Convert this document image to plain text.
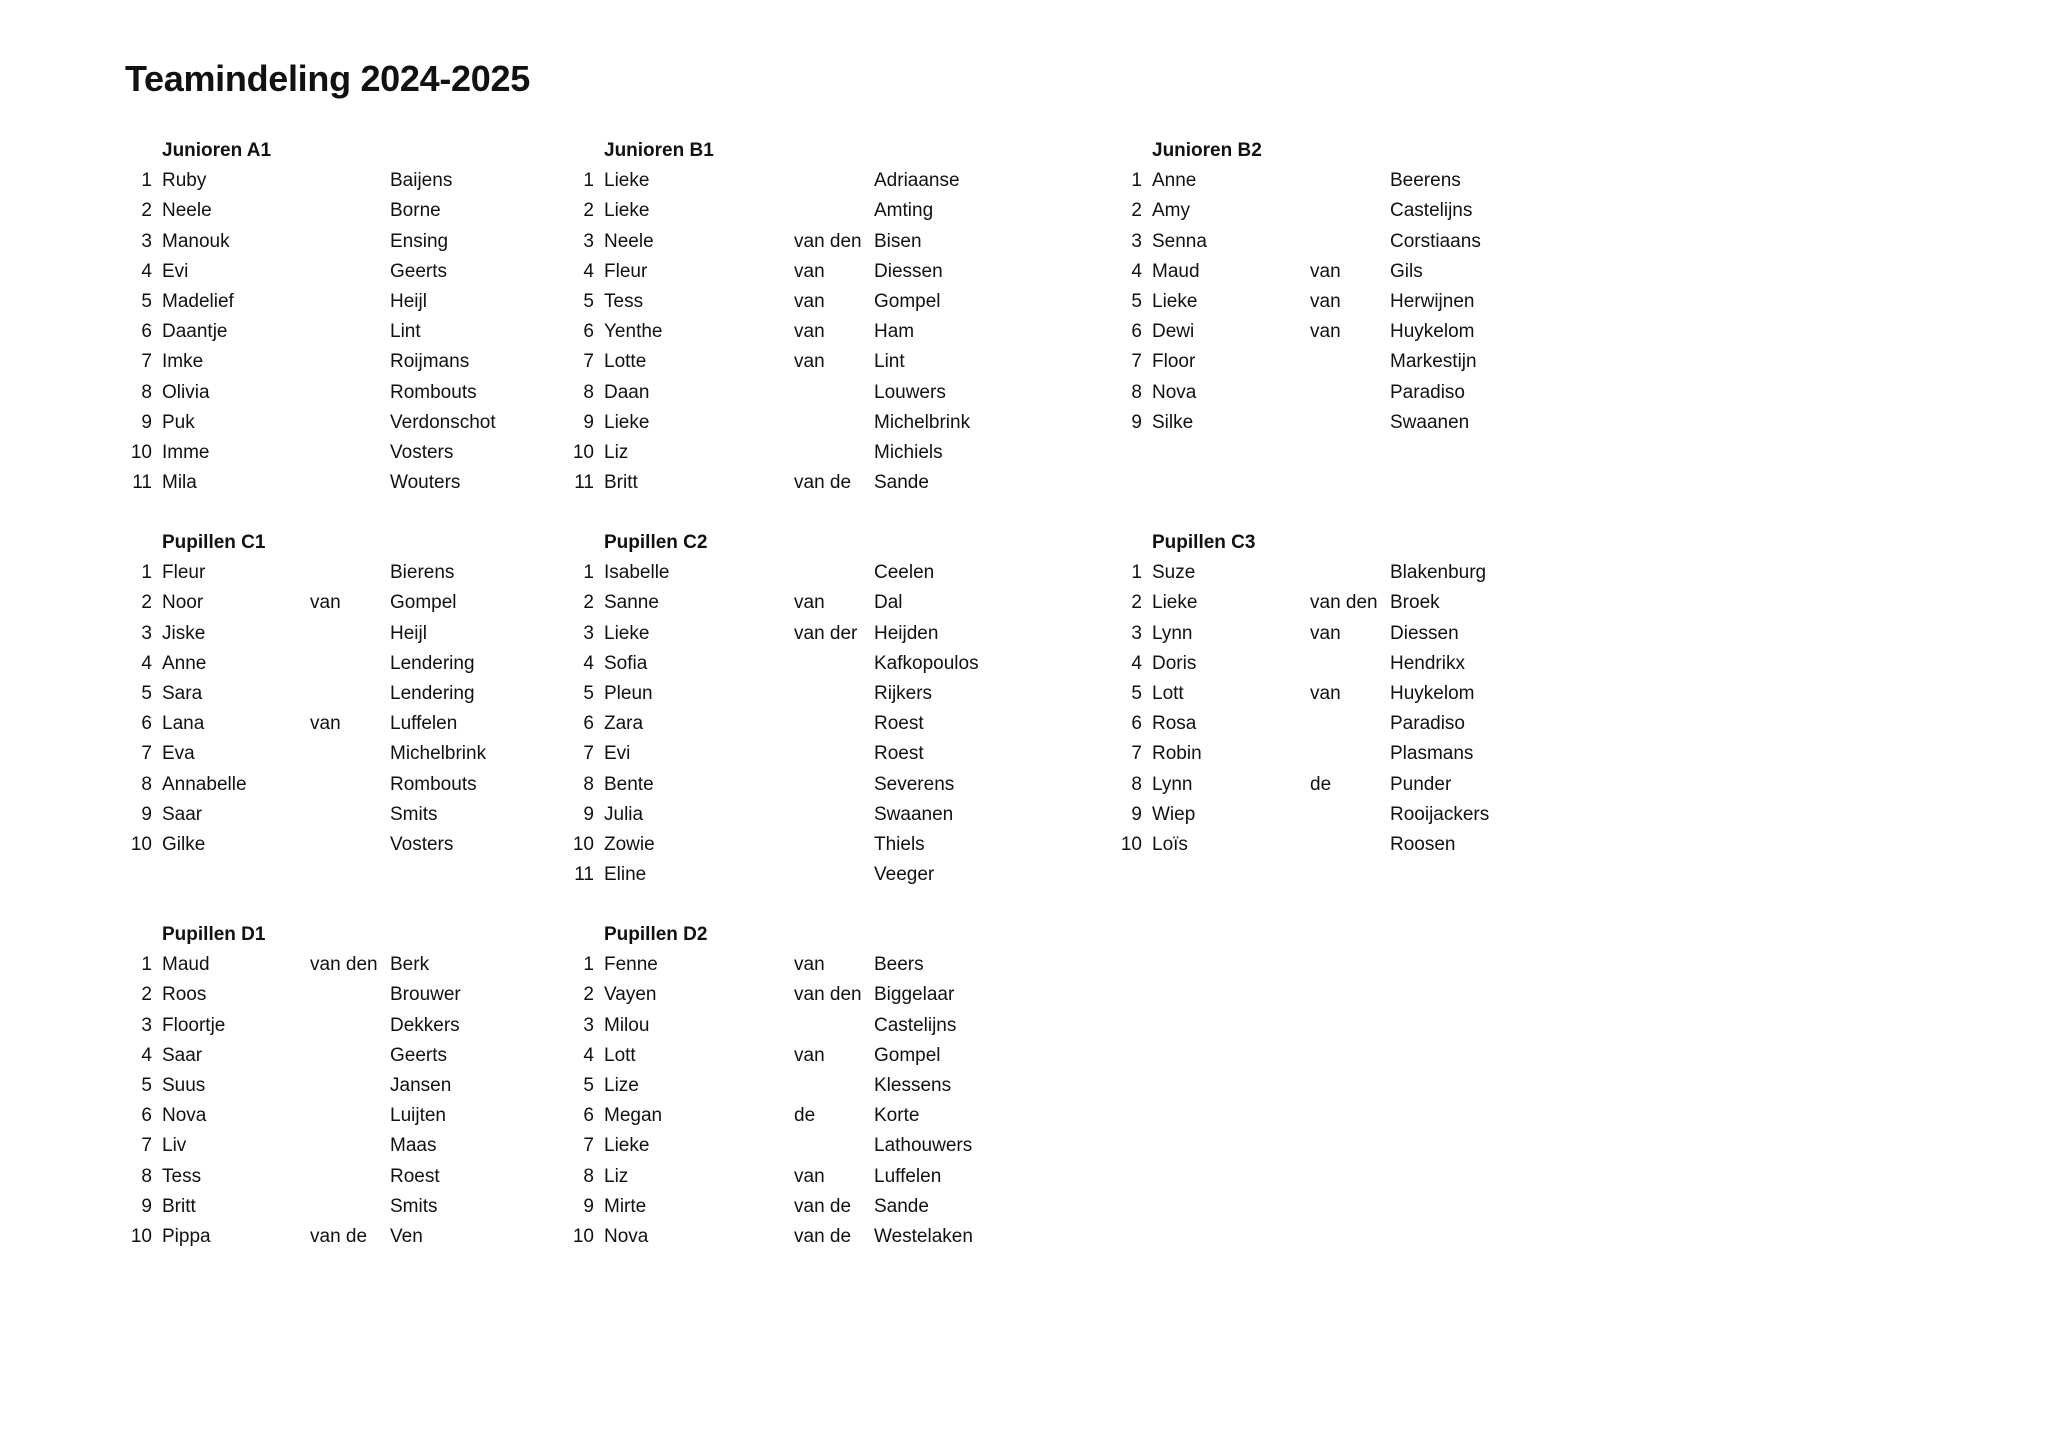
Teamindeling 2024-2025
Junioren A1
1 Ruby	Baijens
2 Neele	Borne
3 Manouk	Ensing
4 Evi	Geerts
5 Madelief	Heijl
6 Daantje	Lint
7 Imke	Roijmans
8 Olivia	Rombouts
9 Puk	Verdonschot
10 Imme	Vosters
11 Mila	Wouters
Junioren B1
1 Lieke	Adriaanse
2 Lieke	Amting
3 Neele	van den Bisen
4 Fleur	van	Diessen
5 Tess	van	Gompel
6 Yenthe	van	Ham
7 Lotte	van	Lint
8 Daan	Louwers
9 Lieke	Michelbrink
10 Liz	Michiels
11 Britt	van de Sande
Junioren B2
1 Anne	Beerens
2 Amy	Castelijns
3 Senna	Corstiaans
4 Maud	van	Gils
5 Lieke	van	Herwijnen
6 Dewi	van	Huykelom
7 Floor	Markestijn
8 Nova	Paradiso
9 Silke	Swaanen
Pupillen C1
1 Fleur	Bierens
2 Noor	van	Gompel
3 Jiske	Heijl
4 Anne	Lendering
5 Sara	Lendering
6 Lana	van	Luffelen
7 Eva	Michelbrink
8 Annabelle	Rombouts
9 Saar	Smits
10 Gilke	Vosters
Pupillen C2
1 Isabelle	Ceelen
2 Sanne	van	Dal
3 Lieke	van der Heijden
4 Sofia	Kafkopoulos
5 Pleun	Rijkers
6 Zara	Roest
7 Evi	Roest
8 Bente	Severens
9 Julia	Swaanen
10 Zowie	Thiels
11 Eline	Veeger
Pupillen C3
1 Suze	Blakenburg
2 Lieke	van den Broek
3 Lynn	van	Diessen
4 Doris	Hendrikx
5 Lott	van	Huykelom
6 Rosa	Paradiso
7 Robin	Plasmans
8 Lynn	de	Punder
9 Wiep	Rooijackers
10 Loïs	Roosen
Pupillen D1
1 Maud	van den Berk
2 Roos	Brouwer
3 Floortje	Dekkers
4 Saar	Geerts
5 Suus	Jansen
6 Nova	Luijten
7 Liv	Maas
8 Tess	Roest
9 Britt	Smits
10 Pippa	van de Ven
Pupillen D2
1 Fenne	van	Beers
2 Vayen	van den Biggelaar
3 Milou	Castelijns
4 Lott	van	Gompel
5 Lize	Klessens
6 Megan	de	Korte
7 Lieke	Lathouwers
8 Liz	van	Luffelen
9 Mirte	van de Sande
10 Nova	van de Westelaken
